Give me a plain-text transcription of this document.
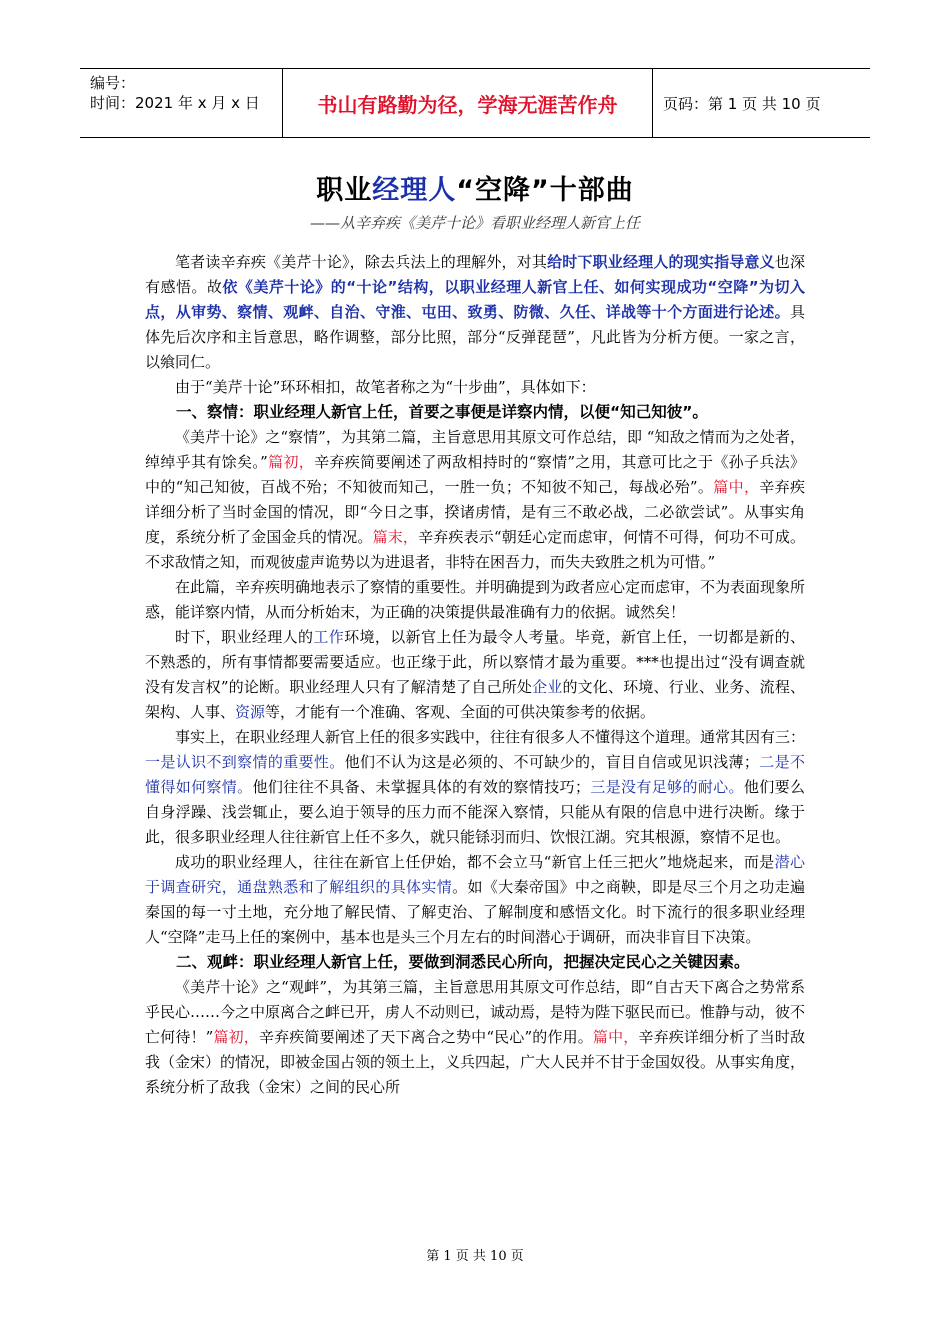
编号：
时间：2021 年 x 月 x 日	书山有路勤为径，学海无涯苦作舟	页码：第 1 页 共 10 页
职业经理人“空降”十部曲
——从辛弃疾《美芹十论》看职业经理人新官上任

笔者读辛弃疾《美芹十论》，除去兵法上的理解外，对其给时下职业经理人的现实指导意义也深有感悟。故依《美芹十论》的“十论”结构，以职业经理人新官上任、如何实现成功“空降”为切入点，从审势、察情、观衅、自治、守淮、屯田、致勇、防微、久任、详战等十个方面进行论述。具体先后次序和主旨意思，略作调整，部分比照，部分“反弹琵琶”，凡此皆为分析方便。一家之言，以飨同仁。

由于“美芹十论”环环相扣，故笔者称之为“十步曲”，具体如下：

一、察情：职业经理人新官上任，首要之事便是详察内情，以便“知己知彼”。

《美芹十论》之“察情”，为其第二篇，主旨意思用其原文可作总结，即 “知敌之情而为之处者，绰绰乎其有馀矣。”篇初，辛弃疾简要阐述了两敌相持时的“察情”之用，其意可比之于《孙子兵法》中的“知己知彼，百战不殆；不知彼而知己，一胜一负；不知彼不知己，每战必殆”。篇中，辛弃疾详细分析了当时金国的情况，即“今日之事，揆诸虏情，是有三不敢必战，二必欲尝试”。从事实角度，系统分析了金国金兵的情况。篇末，辛弃疾表示“朝廷心定而虑审，何情不可得，何功不可成。不求敌情之知，而观彼虚声诡势以为进退者，非特在困吾力，而失夫致胜之机为可惜。”

在此篇，辛弃疾明确地表示了察情的重要性。并明确提到为政者应心定而虑审，不为表面现象所惑，能详察内情，从而分析始末，为正确的决策提供最准确有力的依据。诚然矣！

时下，职业经理人的工作环境，以新官上任为最令人考量。毕竟，新官上任，一切都是新的、不熟悉的，所有事情都要需要适应。也正缘于此，所以察情才最为重要。***也提出过“没有调查就没有发言权”的论断。职业经理人只有了解清楚了自己所处企业的文化、环境、行业、业务、流程、架构、人事、资源等，才能有一个准确、客观、全面的可供决策参考的依据。

事实上，在职业经理人新官上任的很多实践中，往往有很多人不懂得这个道理。通常其因有三：一是认识不到察情的重要性。他们不认为这是必须的、不可缺少的，盲目自信或见识浅薄；二是不懂得如何察情。他们往往不具备、未掌握具体的有效的察情技巧；三是没有足够的耐心。他们要么自身浮躁、浅尝辄止，要么迫于领导的压力而不能深入察情，只能从有限的信息中进行决断。缘于此，很多职业经理人往往新官上任不多久，就只能铩羽而归、饮恨江湖。究其根源，察情不足也。

成功的职业经理人，往往在新官上任伊始，都不会立马“新官上任三把火”地烧起来，而是潜心于调查研究，通盘熟悉和了解组织的具体实情。如《大秦帝国》中之商鞅，即是尽三个月之功走遍秦国的每一寸土地，充分地了解民情、了解吏治、了解制度和感悟文化。时下流行的很多职业经理人“空降”走马上任的案例中，基本也是头三个月左右的时间潜心于调研，而决非盲目下决策。

二、观衅：职业经理人新官上任，要做到洞悉民心所向，把握决定民心之关键因素。

《美芹十论》之“观衅”，为其第三篇，主旨意思用其原文可作总结，即“自古天下离合之势常系乎民心……今之中原离合之衅已开，虏人不动则已，诚动焉，是特为陛下驱民而已。惟静与动，彼不亡何待！”篇初，辛弃疾简要阐述了天下离合之势中“民心”的作用。篇中，辛弃疾详细分析了当时敌我（金宋）的情况，即被金国占领的领土上，义兵四起，广大人民并不甘于金国奴役。从事实角度，系统分析了敌我（金宋）之间的民心所

第 1 页 共 10 页
